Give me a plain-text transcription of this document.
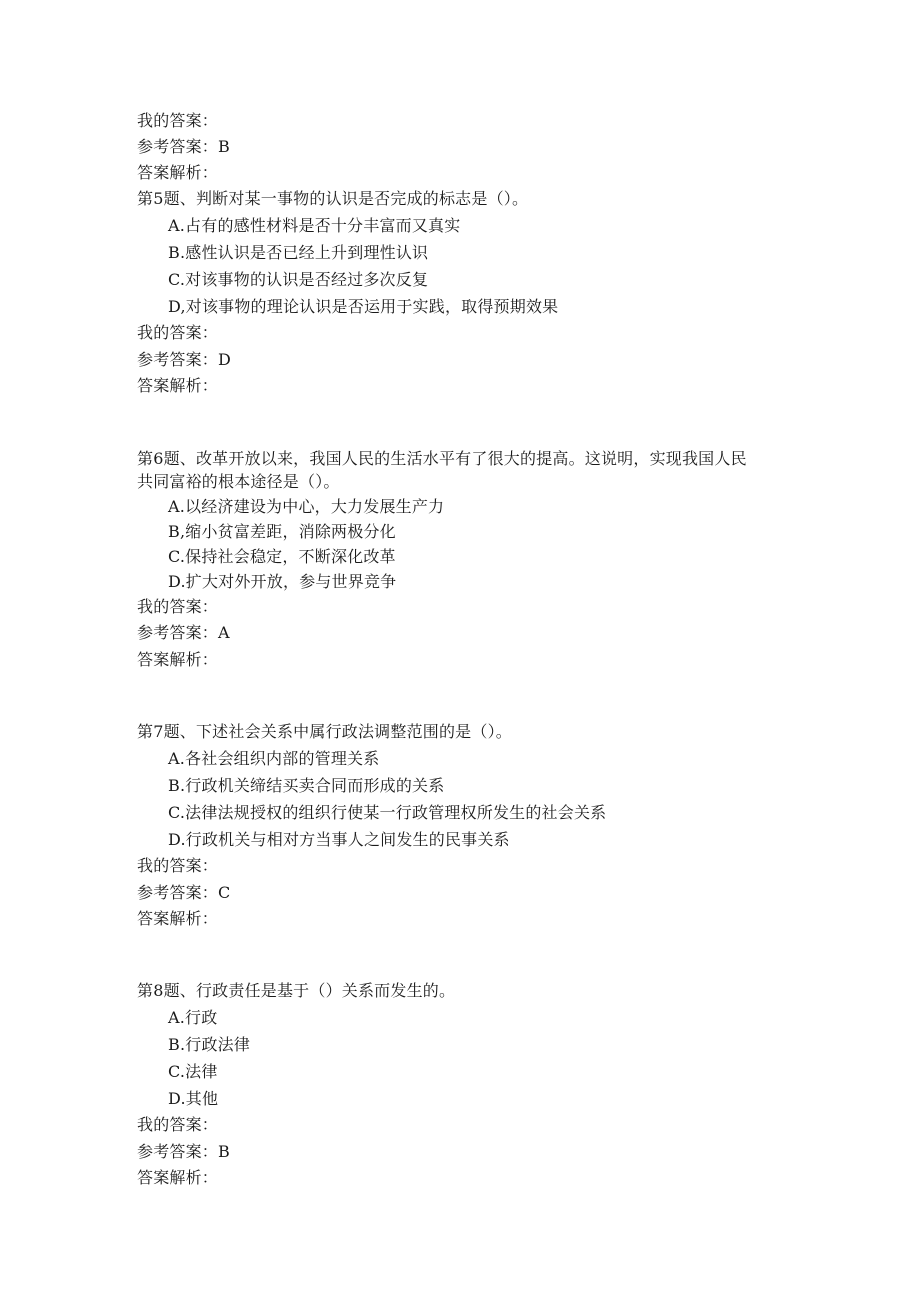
我的答案：
参考答案：B
答案解析：
第5题、判断对某一事物的认识是否完成的标志是（）。
A.占有的感性材料是否十分丰富而又真实
B.感性认识是否已经上升到理性认识
C.对该事物的认识是否经过多次反复
D,对该事物的理论认识是否运用于实践，取得预期效果
我的答案：
参考答案：D
答案解析：
第6题、改革开放以来，我国人民的生活水平有了很大的提高。这说明，实现我国人民
共同富裕的根本途径是（）。
A.以经济建设为中心，大力发展生产力
B,缩小贫富差距，消除两极分化
C.保持社会稳定，不断深化改革
D.扩大对外开放，参与世界竞争
我的答案：
参考答案：A
答案解析：
第7题、下述社会关系中属行政法调整范围的是（）。
A.各社会组织内部的管理关系
B.行政机关缔结买卖合同而形成的关系
C.法律法规授权的组织行使某一行政管理权所发生的社会关系
D.行政机关与相对方当事人之间发生的民事关系
我的答案：
参考答案：C
答案解析：
第8题、行政责任是基于（）关系而发生的。
A.行政
B.行政法律
C.法律
D.其他
我的答案：
参考答案：B
答案解析：
